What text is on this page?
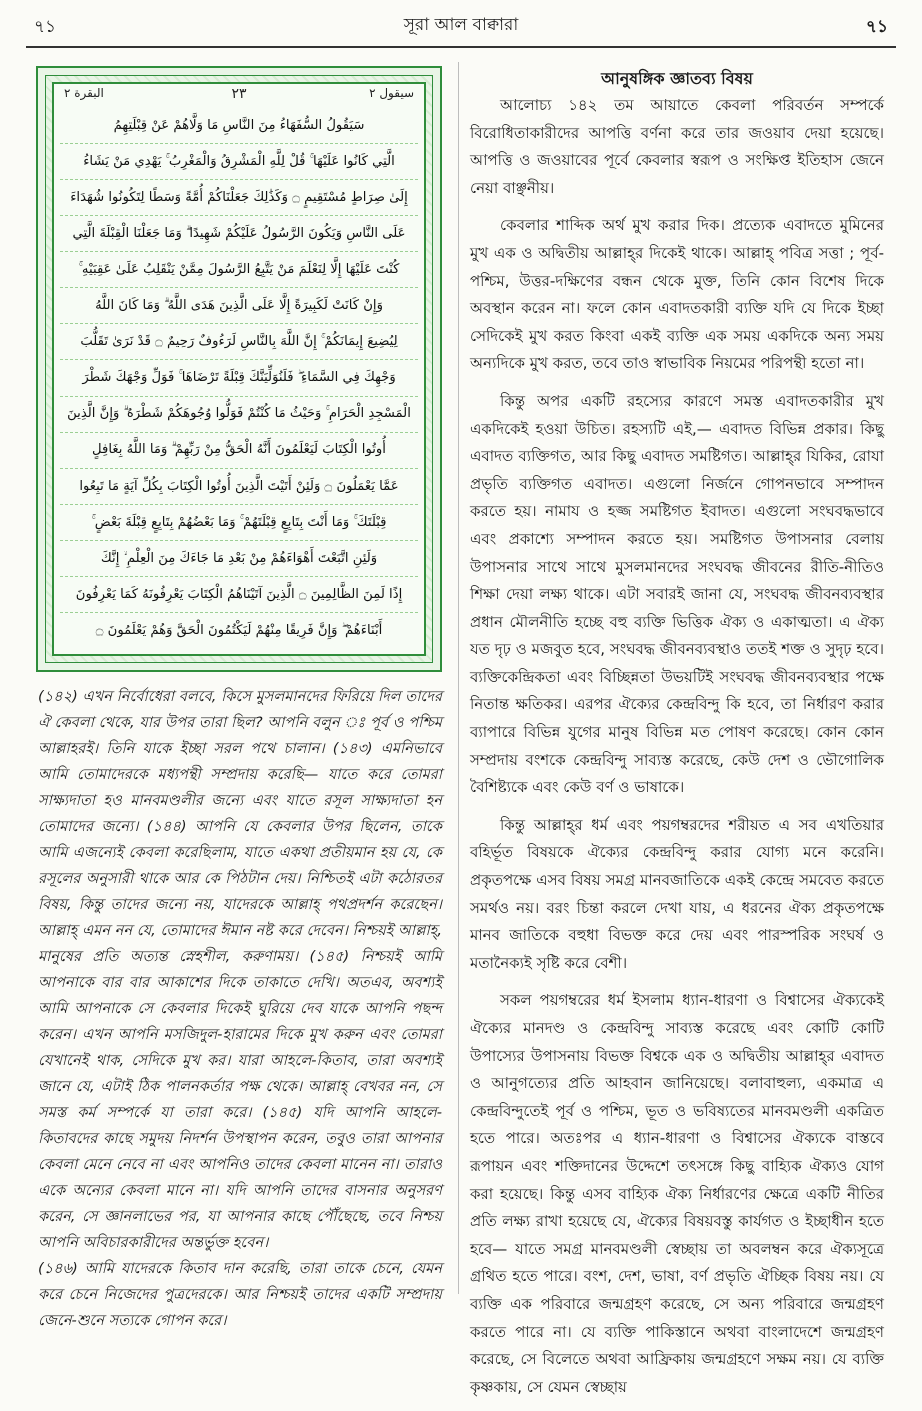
৭১	সূরা আল বাক্বারা	৭১
البقرة ٢	٢٣	سيقول ٢
سَيَقُولُ السُّفَهَاءُ مِنَ النَّاسِ مَا وَلَّاهُمْ عَنْ قِبْلَتِهِمُ
الَّتِي كَانُوا عَلَيْهَا ۚ قُلْ لِلَّهِ الْمَشْرِقُ وَالْمَغْرِبُ ۚ يَهْدِي مَنْ يَشَاءُ
إِلَىٰ صِرَاطٍ مُسْتَقِيمٍ ۝ وَكَذَٰلِكَ جَعَلْنَاكُمْ أُمَّةً وَسَطًا لِتَكُونُوا شُهَدَاءَ
عَلَى النَّاسِ وَيَكُونَ الرَّسُولُ عَلَيْكُمْ شَهِيدًا ۗ وَمَا جَعَلْنَا الْقِبْلَةَ الَّتِي
كُنْتَ عَلَيْهَا إِلَّا لِنَعْلَمَ مَنْ يَتَّبِعُ الرَّسُولَ مِمَّنْ يَنْقَلِبُ عَلَىٰ عَقِبَيْهِ ۚ
وَإِنْ كَانَتْ لَكَبِيرَةً إِلَّا عَلَى الَّذِينَ هَدَى اللَّهُ ۗ وَمَا كَانَ اللَّهُ
لِيُضِيعَ إِيمَانَكُمْ ۚ إِنَّ اللَّهَ بِالنَّاسِ لَرَءُوفٌ رَحِيمٌ ۝ قَدْ نَرَىٰ تَقَلُّبَ
وَجْهِكَ فِي السَّمَاءِ ۖ فَلَنُوَلِّيَنَّكَ قِبْلَةً تَرْضَاهَا ۚ فَوَلِّ وَجْهَكَ شَطْرَ
الْمَسْجِدِ الْحَرَامِ ۚ وَحَيْثُ مَا كُنْتُمْ فَوَلُّوا وُجُوهَكُمْ شَطْرَهُ ۗ وَإِنَّ الَّذِينَ
أُوتُوا الْكِتَابَ لَيَعْلَمُونَ أَنَّهُ الْحَقُّ مِنْ رَبِّهِمْ ۗ وَمَا اللَّهُ بِغَافِلٍ
عَمَّا يَعْمَلُونَ ۝ وَلَئِنْ أَتَيْتَ الَّذِينَ أُوتُوا الْكِتَابَ بِكُلِّ آيَةٍ مَا تَبِعُوا
قِبْلَتَكَ ۚ وَمَا أَنْتَ بِتَابِعٍ قِبْلَتَهُمْ ۚ وَمَا بَعْضُهُمْ بِتَابِعٍ قِبْلَةَ بَعْضٍ ۚ
وَلَئِنِ اتَّبَعْتَ أَهْوَاءَهُمْ مِنْ بَعْدِ مَا جَاءَكَ مِنَ الْعِلْمِ ۙ إِنَّكَ
إِذًا لَمِنَ الظَّالِمِينَ ۝ الَّذِينَ آتَيْنَاهُمُ الْكِتَابَ يَعْرِفُونَهُ كَمَا يَعْرِفُونَ
أَبْنَاءَهُمْ ۖ وَإِنَّ فَرِيقًا مِنْهُمْ لَيَكْتُمُونَ الْحَقَّ وَهُمْ يَعْلَمُونَ ۝

(১৪২) এখন নির্বোধেরা বলবে, কিসে মুসলমানদের ফিরিয়ে দিল তাদের ঐ কেবলা থেকে, যার উপর তারা ছিল? আপনি বলুন ঃ পূর্ব ও পশ্চিম আল্লাহরই। তিনি যাকে ইচ্ছা সরল পথে চালান। (১৪৩) এমনিভাবে আমি তোমাদেরকে মধ্যপন্থী সম্প্রদায় করেছি— যাতে করে তোমরা সাক্ষ্যদাতা হও মানবমণ্ডলীর জন্যে এবং যাতে রসূল সাক্ষ্যদাতা হন তোমাদের জন্যে। (১৪৪) আপনি যে কেবলার উপর ছিলেন, তাকে আমি এজন্যেই কেবলা করেছিলাম, যাতে একথা প্রতীয়মান হয় যে, কে রসূলের অনুসারী থাকে আর কে পিঠটান দেয়। নিশ্চিতই এটা কঠোরতর বিষয়, কিন্তু তাদের জন্যে নয়, যাদেরকে আল্লাহ্ পথপ্রদর্শন করেছেন। আল্লাহ্ এমন নন যে, তোমাদের ঈমান নষ্ট করে দেবেন। নিশ্চয়ই আল্লাহ্, মানুষের প্রতি অত্যন্ত স্নেহশীল, করুণাময়। (১৪৫) নিশ্চয়ই আমি আপনাকে বার বার আকাশের দিকে তাকাতে দেখি। অতএব, অবশ্যই আমি আপনাকে সে কেবলার দিকেই ঘুরিয়ে দেব যাকে আপনি পছন্দ করেন। এখন আপনি মসজিদুল-হারামের দিকে মুখ করুন এবং তোমরা যেখানেই থাক, সেদিকে মুখ কর। যারা আহলে-কিতাব, তারা অবশ্যই জানে যে, এটাই ঠিক পালনকর্তার পক্ষ থেকে। আল্লাহ্ বেখবর নন, সে সমস্ত কর্ম সম্পর্কে যা তারা করে। (১৪৫) যদি আপনি আহলে-কিতাবদের কাছে সমুদয় নিদর্শন উপস্থাপন করেন, তবুও তারা আপনার কেবলা মেনে নেবে না এবং আপনিও তাদের কেবলা মানেন না। তারাও একে অন্যের কেবলা মানে না। যদি আপনি তাদের বাসনার অনুসরণ করেন, সে জ্ঞানলাভের পর, যা আপনার কাছে পৌঁছেছে, তবে নিশ্চয় আপনি অবিচারকারীদের অন্তর্ভুক্ত হবেন।

(১৪৬) আমি যাদেরকে কিতাব দান করেছি, তারা তাকে চেনে, যেমন করে চেনে নিজেদের পুত্রদেরকে। আর নিশ্চয়ই তাদের একটি সম্প্রদায় জেনে-শুনে সত্যকে গোপন করে।

আনুষঙ্গিক জ্ঞাতব্য বিষয়

আলোচ্য ১৪২ তম আয়াতে কেবলা পরিবর্তন সম্পর্কে বিরোধিতাকারীদের আপত্তি বর্ণনা করে তার জওয়াব দেয়া হয়েছে। আপত্তি ও জওয়াবের পূর্বে কেবলার স্বরূপ ও সংক্ষিপ্ত ইতিহাস জেনে নেয়া বাঞ্ছনীয়।

কেবলার শাব্দিক অর্থ মুখ করার দিক। প্রত্যেক এবাদতে মুমিনের মুখ এক ও অদ্বিতীয় আল্লাহ্‌র দিকেই থাকে। আল্লাহ্ পবিত্র সত্তা ; পূর্ব-পশ্চিম, উত্তর-দক্ষিণের বন্ধন থেকে মুক্ত, তিনি কোন বিশেষ দিকে অবস্থান করেন না। ফলে কোন এবাদতকারী ব্যক্তি যদি যে দিকে ইচ্ছা সেদিকেই মুখ করত কিংবা একই ব্যক্তি এক সময় একদিকে অন্য সময় অন্যদিকে মুখ করত, তবে তাও স্বাভাবিক নিয়মের পরিপন্থী হতো না।

কিন্তু অপর একটি রহস্যের কারণে সমস্ত এবাদতকারীর মুখ একদিকেই হওয়া উচিত। রহস্যটি এই,— এবাদত বিভিন্ন প্রকার। কিছু এবাদত ব্যক্তিগত, আর কিছু এবাদত সমষ্টিগত। আল্লাহ্‌র যিকির, রোযা প্রভৃতি ব্যক্তিগত এবাদত। এগুলো নির্জনে গোপনভাবে সম্পাদন করতে হয়। নামায ও হজ্জ সমষ্টিগত ইবাদত। এগুলো সংঘবদ্ধভাবে এবং প্রকাশ্যে সম্পাদন করতে হয়। সমষ্টিগত উপাসনার বেলায় উপাসনার সাথে সাথে মুসলমানদের সংঘবদ্ধ জীবনের রীতি-নীতিও শিক্ষা দেয়া লক্ষ্য থাকে। এটা সবারই জানা যে, সংঘবদ্ধ জীবনব্যবস্থার প্রধান মৌলনীতি হচ্ছে বহু ব্যক্তি ভিত্তিক ঐক্য ও একাত্মতা। এ ঐক্য যত দৃঢ় ও মজবুত হবে, সংঘবদ্ধ জীবনব্যবস্থাও ততই শক্ত ও সুদৃঢ় হবে। ব্যক্তিকেন্দ্রিকতা এবং বিচ্ছিন্নতা উভয়টিই সংঘবদ্ধ জীবনব্যবস্থার পক্ষে নিতান্ত ক্ষতিকর। এরপর ঐক্যের কেন্দ্রবিন্দু কি হবে, তা নির্ধারণ করার ব্যাপারে বিভিন্ন যুগের মানুষ বিভিন্ন মত পোষণ করেছে। কোন কোন সম্প্রদায় বংশকে কেন্দ্রবিন্দু সাব্যস্ত করেছে, কেউ দেশ ও ভৌগোলিক বৈশিষ্ট্যকে এবং কেউ বর্ণ ও ভাষাকে।

কিন্তু আল্লাহ্‌র ধর্ম এবং পয়গম্বরদের শরীয়ত এ সব এখতিয়ার বহির্ভূত বিষয়কে ঐক্যের কেন্দ্রবিন্দু করার যোগ্য মনে করেনি। প্রকৃতপক্ষে এসব বিষয় সমগ্র মানবজাতিকে একই কেন্দ্রে সমবেত করতে সমর্থও নয়। বরং চিন্তা করলে দেখা যায়, এ ধরনের ঐক্য প্রকৃতপক্ষে মানব জাতিকে বহুধা বিভক্ত করে দেয় এবং পারস্পরিক সংঘর্ষ ও মতানৈক্যই সৃষ্টি করে বেশী।

সকল পয়গম্বরের ধর্ম ইসলাম ধ্যান-ধারণা ও বিশ্বাসের ঐক্যকেই ঐক্যের মানদণ্ড ও কেন্দ্রবিন্দু সাব্যস্ত করেছে এবং কোটি কোটি উপাস্যের উপাসনায় বিভক্ত বিশ্বকে এক ও অদ্বিতীয় আল্লাহ্‌র এবাদত ও আনুগত্যের প্রতি আহবান জানিয়েছে। বলাবাহুল্য, একমাত্র এ কেন্দ্রবিন্দুতেই পূর্ব ও পশ্চিম, ভূত ও ভবিষ্যতের মানবমণ্ডলী একত্রিত হতে পারে। অতঃপর এ ধ্যান-ধারণা ও বিশ্বাসের ঐক্যকে বাস্তবে রূপায়ন এবং শক্তিদানের উদ্দেশে তৎসঙ্গে কিছু বাহ্যিক ঐক্যও যোগ করা হয়েছে। কিন্তু এসব বাহ্যিক ঐক্য নির্ধারণের ক্ষেত্রে একটি নীতির প্রতি লক্ষ্য রাখা হয়েছে যে, ঐক্যের বিষয়বস্তু কার্যগত ও ইচ্ছাধীন হতে হবে— যাতে সমগ্র মানবমণ্ডলী স্বেচ্ছায় তা অবলম্বন করে ঐক্যসূত্রে গ্রথিত হতে পারে। বংশ, দেশ, ভাষা, বর্ণ প্রভৃতি ঐচ্ছিক বিষয় নয়। যে ব্যক্তি এক পরিবারে জন্মগ্রহণ করেছে, সে অন্য পরিবারে জন্মগ্রহণ করতে পারে না। যে ব্যক্তি পাকিস্তানে অথবা বাংলাদেশে জন্মগ্রহণ করেছে, সে বিলেতে অথবা আফ্রিকায় জন্মগ্রহণে সক্ষম নয়। যে ব্যক্তি কৃষ্ণকায়, সে যেমন স্বেচ্ছায়
